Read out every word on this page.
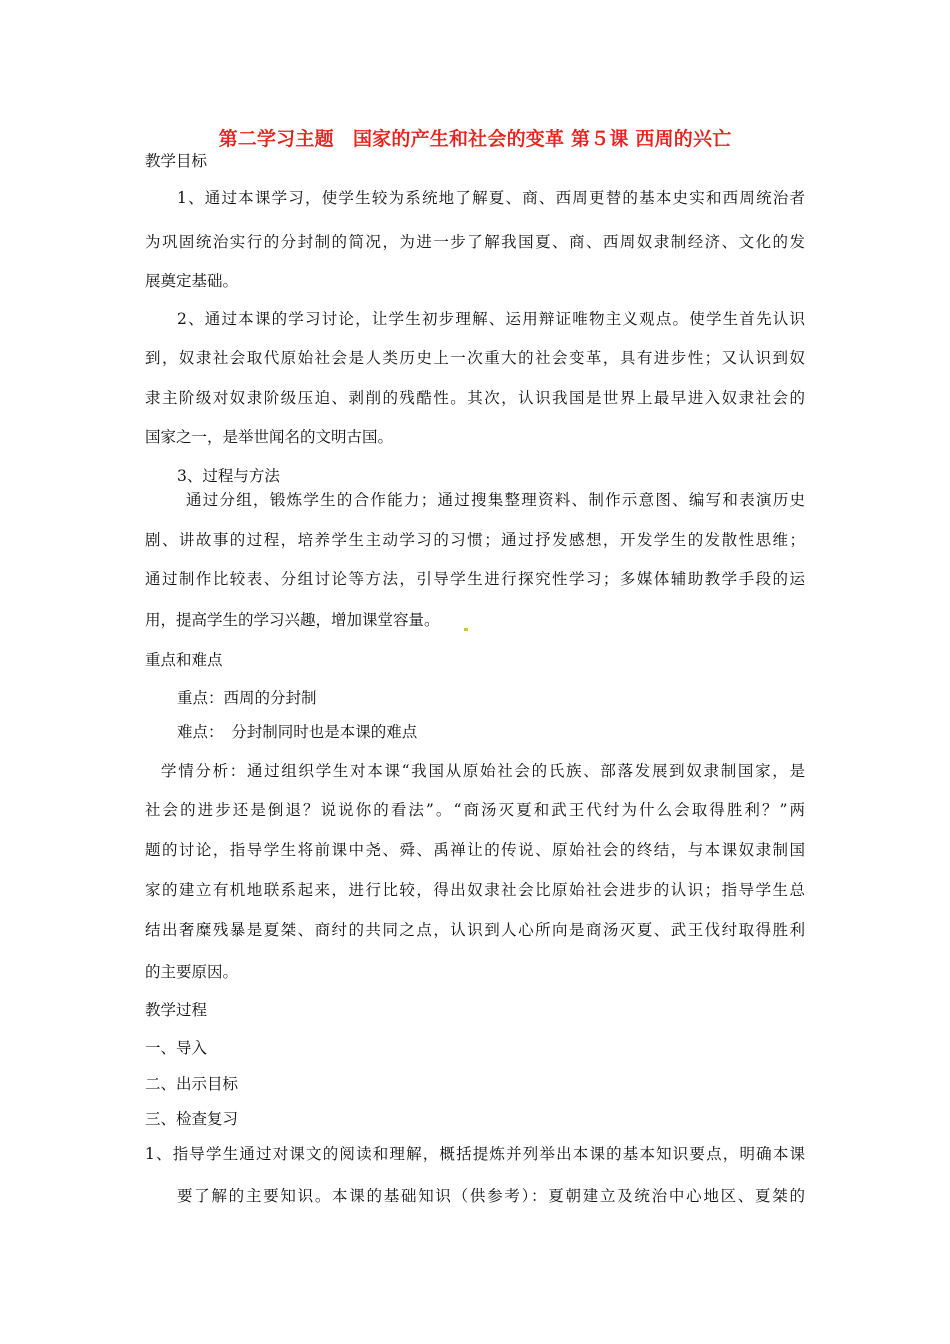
第二学习主题　国家的产生和社会的变革 第５课 西周的兴亡
教学目标
1、通过本课学习，使学生较为系统地了解夏、商、西周更替的基本史实和西周统治者
为巩固统治实行的分封制的简况，为进一步了解我国夏、商、西周奴隶制经济、文化的发
展奠定基础。
2、通过本课的学习讨论，让学生初步理解、运用辩证唯物主义观点。使学生首先认识
到，奴隶社会取代原始社会是人类历史上一次重大的社会变革，具有进步性；又认识到奴
隶主阶级对奴隶阶级压迫、剥削的残酷性。其次，认识我国是世界上最早进入奴隶社会的
国家之一，是举世闻名的文明古国。
3、过程与方法
通过分组，锻炼学生的合作能力；通过搜集整理资料、制作示意图、编写和表演历史
剧、讲故事的过程，培养学生主动学习的习惯；通过抒发感想，开发学生的发散性思维；
通过制作比较表、分组讨论等方法，引导学生进行探究性学习；多媒体辅助教学手段的运
用，提高学生的学习兴趣，增加课堂容量。
重点和难点
重点：西周的分封制
难点：　分封制同时也是本课的难点
学情分析：通过组织学生对本课“我国从原始社会的氏族、部落发展到奴隶制国家，是
社会的进步还是倒退？说说你的看法”。“商汤灭夏和武王代纣为什么会取得胜利？”两
题的讨论，指导学生将前课中尧、舜、禹禅让的传说、原始社会的终结，与本课奴隶制国
家的建立有机地联系起来，进行比较，得出奴隶社会比原始社会进步的认识；指导学生总
结出奢糜残暴是夏桀、商纣的共同之点，认识到人心所向是商汤灭夏、武王伐纣取得胜利
的主要原因。
教学过程
一、导入
二、出示目标
三、检查复习
1、指导学生通过对课文的阅读和理解，概括提炼并列举出本课的基本知识要点，明确本课
要了解的主要知识。本课的基础知识（供参考）：夏朝建立及统治中心地区、夏桀的
